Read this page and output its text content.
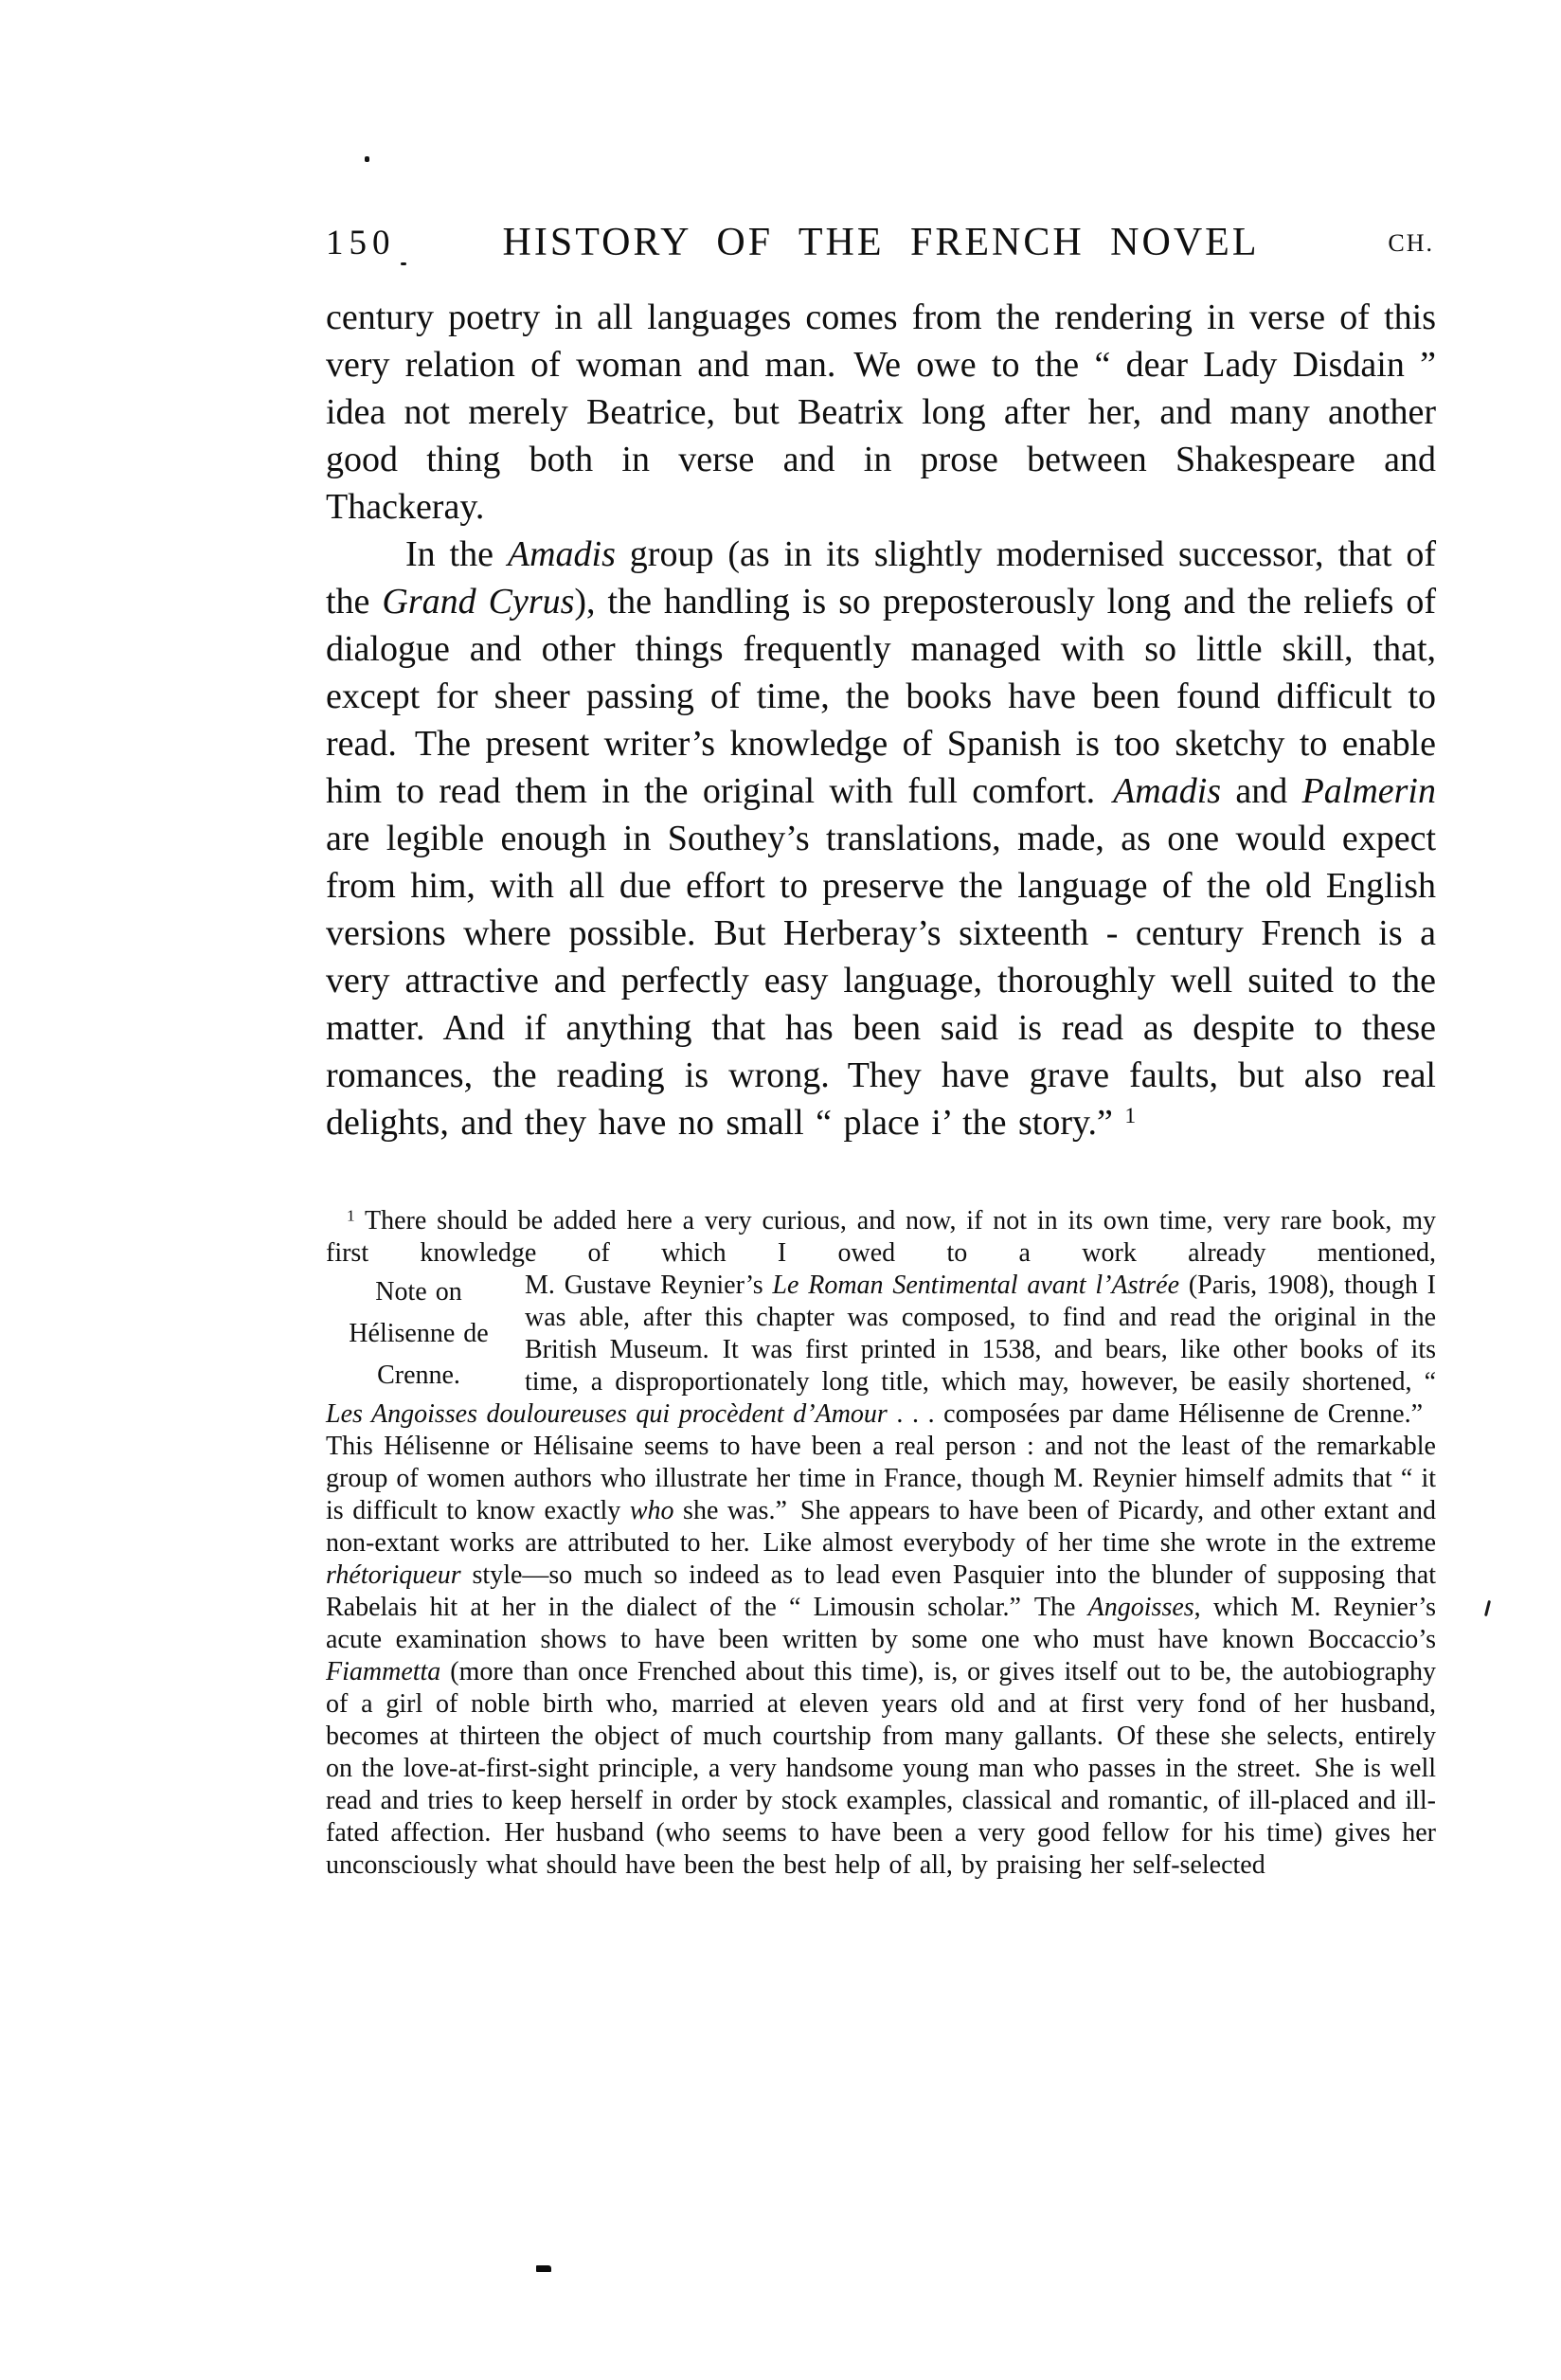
150	HISTORY OF THE FRENCH NOVEL	CH.

century poetry in all languages comes from the rendering in verse of this very relation of woman and man. We owe to the “ dear Lady Disdain ” idea not merely Beatrice, but Beatrix long after her, and many another good thing both in verse and in prose between Shakespeare and Thackeray.

In the Amadis group (as in its slightly modernised successor, that of the Grand Cyrus), the handling is so preposterously long and the reliefs of dialogue and other things frequently managed with so little skill, that, except for sheer passing of time, the books have been found difficult to read. The present writer’s knowledge of Spanish is too sketchy to enable him to read them in the original with full comfort. Amadis and Palmerin are legible enough in Southey’s translations, made, as one would expect from him, with all due effort to preserve the language of the old English versions where possible. But Herberay’s sixteenth - century French is a very attractive and perfectly easy language, thoroughly well suited to the matter. And if anything that has been said is read as despite to these romances, the reading is wrong. They have grave faults, but also real delights, and they have no small “ place i’ the story.” $^1$

$^1$ There should be added here a very curious, and now, if not in its own time, very rare book, my first knowledge of which I owed to a work already mentioned,

Note on
Hélisenne de
Crenne.
M. Gustave Reynier’s Le Roman Sentimental avant l’Astrée (Paris, 1908), though I was able, after this chapter was composed, to find and read the original in the British Museum. It was first printed in 1538, and bears, like other books of its time, a disproportionately long title, which may, however, be easily shortened, “ Les Angoisses douloureuses qui procèdent d’Amour . . . composées par dame Hélisenne de Crenne.” This Hélisenne or Hélisaine seems to have been a real person : and not the least of the remarkable group of women authors who illustrate her time in France, though M. Reynier himself admits that “ it is difficult to know exactly who she was.” She appears to have been of Picardy, and other extant and non-extant works are attributed to her. Like almost everybody of her time she wrote in the extreme rhétoriqueur style—so much so indeed as to lead even Pasquier into the blunder of supposing that Rabelais hit at her in the dialect of the “ Limousin scholar.” The Angoisses, which M. Reynier’s acute examination shows to have been written by some one who must have known Boccaccio’s Fiammetta (more than once Frenched about this time), is, or gives itself out to be, the autobiography of a girl of noble birth who, married at eleven years old and at first very fond of her husband, becomes at thirteen the object of much courtship from many gallants. Of these she selects, entirely on the love-at-first-sight principle, a very handsome young man who passes in the street. She is well read and tries to keep herself in order by stock examples, classical and romantic, of ill-placed and ill-fated affection. Her husband (who seems to have been a very good fellow for his time) gives her unconsciously what should have been the best help of all, by praising her self-selected
